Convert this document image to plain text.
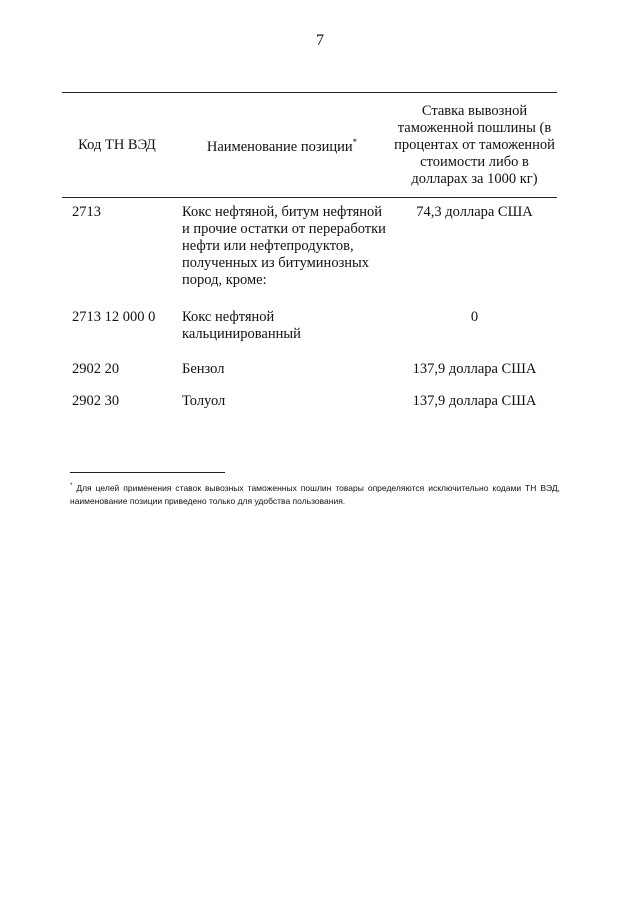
7
Код ТН ВЭД	Наименование позиции*	Ставка вывозной таможенной пошлины (в процентах от таможенной стоимости либо в долларах за 1000 кг)
2713	Кокс нефтяной, битум нефтяной и прочие остатки от переработки нефти или нефтепродуктов, полученных из битуминозных пород, кроме:	74,3 доллара США
2713 12 000 0	Кокс нефтяной кальцинированный	0
2902 20	Бензол	137,9 доллара США
2902 30	Толуол	137,9 доллара США
* Для целей применения ставок вывозных таможенных пошлин товары определяются исключительно кодами ТН ВЭД, наименование позиции приведено только для удобства пользования.
